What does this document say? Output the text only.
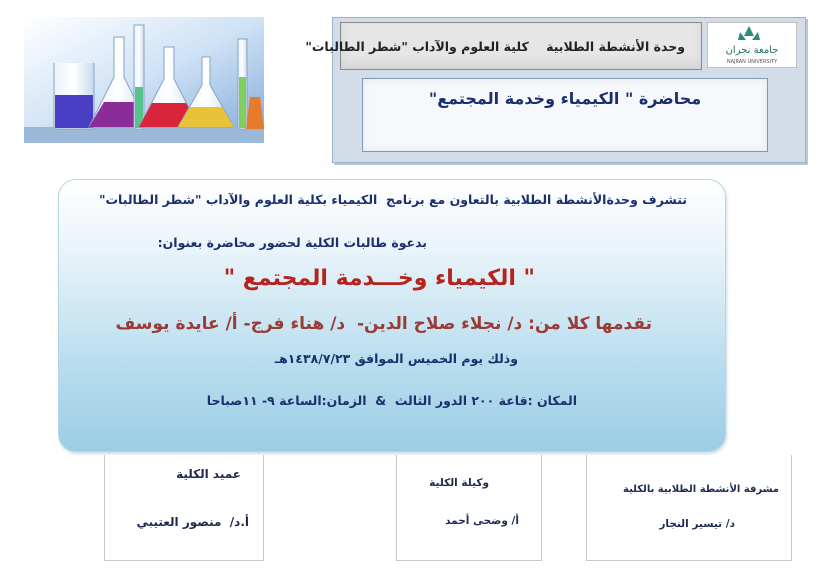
وحدة الأنشطة الطلابية    كلية العلوم والآداب "شطر الطالبات"	جامعة نجران
NAJRAN UNIVERSITY
محاضرة " الكيمياء وخدمة المجتمع"
تتشرف وحدةالأنشطة الطلابية بالتعاون مع برنامج  الكيمياء بكلية العلوم والآداب "شطر الطالبات"
بدعوة طالبات الكلية لحضور محاضرة بعنوان:
" الكيمياء وخـــدمة المجتمع "
تقدمها كلا من: د/ نجلاء صلاح الدين-  د/ هناء فرج- أ/ عايدة يوسف
وذلك يوم الخميس الموافق ١٤٣٨/٧/٢٣هـ
المكان :قاعة ٢٠٠ الدور الثالث  &  الزمان:الساعة ٩- ١١صباحا
عميد الكلية
أ.د/  منصور العتيبي
وكيلة الكلية
أ/ وضحى أحمد
مشرفة الأنشطة الطلابية بالكلية
د/ تيسير النجار
